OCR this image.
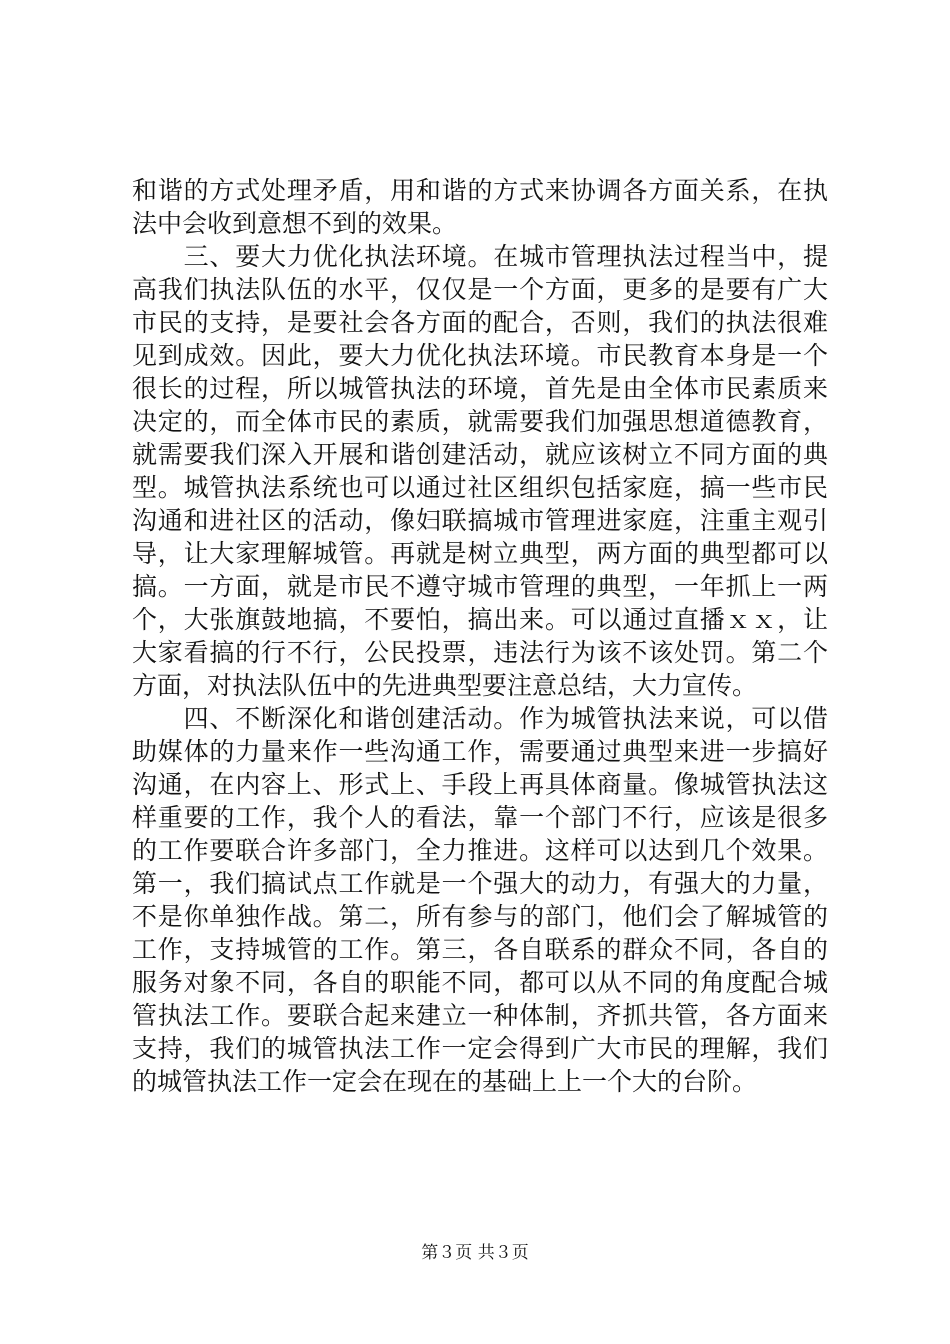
和谐的方式处理矛盾，用和谐的方式来协调各方面关系，在执
法中会收到意想不到的效果。
　　三、要大力优化执法环境。在城市管理执法过程当中，提
高我们执法队伍的水平，仅仅是一个方面，更多的是要有广大
市民的支持，是要社会各方面的配合，否则，我们的执法很难
见到成效。因此，要大力优化执法环境。市民教育本身是一个
很长的过程，所以城管执法的环境，首先是由全体市民素质来
决定的，而全体市民的素质，就需要我们加强思想道德教育，
就需要我们深入开展和谐创建活动，就应该树立不同方面的典
型。城管执法系统也可以通过社区组织包括家庭，搞一些市民
沟通和进社区的活动，像妇联搞城市管理进家庭，注重主观引
导，让大家理解城管。再就是树立典型，两方面的典型都可以
搞。一方面，就是市民不遵守城市管理的典型，一年抓上一两
个，大张旗鼓地搞，不要怕，搞出来。可以通过直播ｘｘ，让
大家看搞的行不行，公民投票，违法行为该不该处罚。第二个
方面，对执法队伍中的先进典型要注意总结，大力宣传。
　　四、不断深化和谐创建活动。作为城管执法来说，可以借
助媒体的力量来作一些沟通工作，需要通过典型来进一步搞好
沟通，在内容上、形式上、手段上再具体商量。像城管执法这
样重要的工作，我个人的看法，靠一个部门不行，应该是很多
的工作要联合许多部门，全力推进。这样可以达到几个效果。
第一，我们搞试点工作就是一个强大的动力，有强大的力量，
不是你单独作战。第二，所有参与的部门，他们会了解城管的
工作，支持城管的工作。第三，各自联系的群众不同，各自的
服务对象不同，各自的职能不同，都可以从不同的角度配合城
管执法工作。要联合起来建立一种体制，齐抓共管，各方面来
支持，我们的城管执法工作一定会得到广大市民的理解，我们
的城管执法工作一定会在现在的基础上上一个大的台阶。
第３页 共３页
